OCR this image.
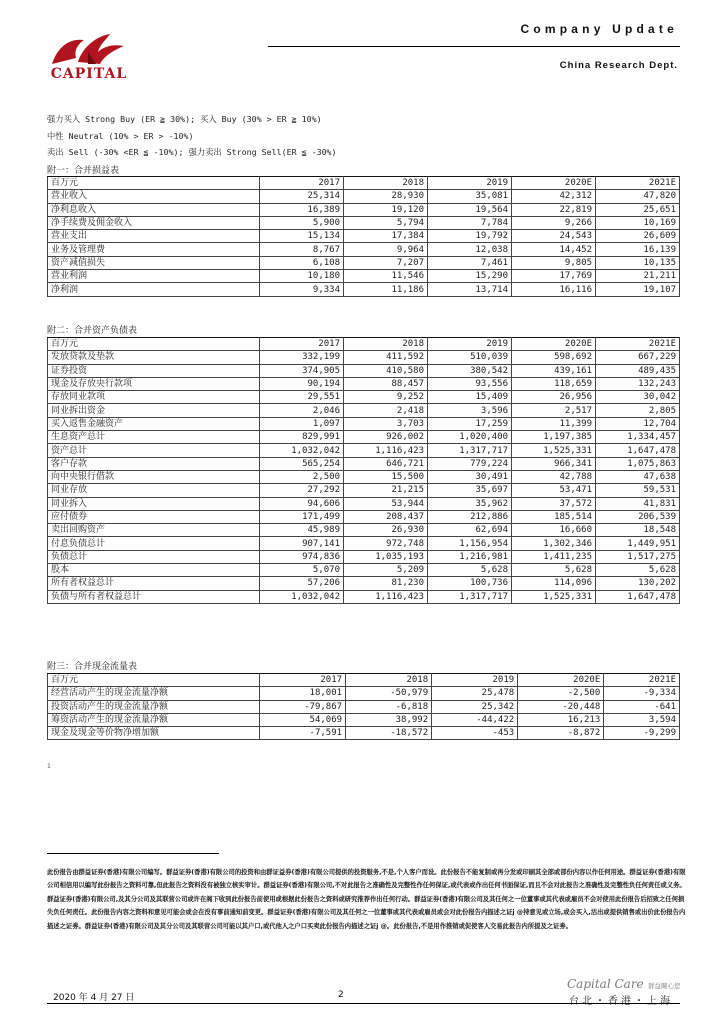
CAPITAL
Company Update
China Research Dept.
强力买入 Strong Buy (ER ≧ 30%); 买入 Buy (30% > ER ≧ 10%)
中性 Neutral (10% > ER > -10%)
卖出 Sell (-30% <ER ≦ -10%); 强力卖出 Strong Sell(ER ≦ -30%)
附一：合并损益表
百万元	2017	2018	2019	2020E	2021E
营业收入	25,314	28,930	35,081	42,312	47,820
净利息收入	16,389	19,120	19,564	22,819	25,651
净手续费及佣金收入	5,900	5,794	7,784	9,266	10,169
营业支出	15,134	17,384	19,792	24,543	26,609
业务及管理费	8,767	9,964	12,038	14,452	16,139
资产减值损失	6,108	7,207	7,461	9,805	10,135
营业利润	10,180	11,546	15,290	17,769	21,211
净利润	9,334	11,186	13,714	16,116	19,107
附二：合并资产负债表
百万元	2017	2018	2019	2020E	2021E
发放贷款及垫款	332,199	411,592	510,039	598,692	667,229
证券投资	374,905	410,580	380,542	439,161	489,435
现金及存放央行款项	90,194	88,457	93,556	118,659	132,243
存放同业款项	29,551	9,252	15,409	26,956	30,042
同业拆出资金	2,046	2,418	3,596	2,517	2,805
买入返售金融资产	1,097	3,703	17,259	11,399	12,704
生息资产总计	829,991	926,002	1,020,400	1,197,385	1,334,457
资产总计	1,032,042	1,116,423	1,317,717	1,525,331	1,647,478
客户存款	565,254	646,721	779,224	966,341	1,075,863
向中央银行借款	2,500	15,500	30,491	42,788	47,638
同业存放	27,292	21,215	35,697	53,471	59,531
同业拆入	94,606	53,944	35,962	37,572	41,831
应付债券	171,499	208,437	212,886	185,514	206,539
卖出回购资产	45,989	26,930	62,694	16,660	18,548
付息负债总计	907,141	972,748	1,156,954	1,302,346	1,449,951
负债总计	974,836	1,035,193	1,216,981	1,411,235	1,517,275
股本	5,070	5,209	5,628	5,628	5,628
所有者权益总计	57,206	81,230	100,736	114,096	130,202
负债与所有者权益总计	1,032,042	1,116,423	1,317,717	1,525,331	1,647,478
附三：合并现金流量表
百万元	2017	2018	2019	2020E	2021E
经营活动产生的现金流量净额	18,001	-50,979	25,478	-2,500	-9,334
投资活动产生的现金流量净额	-79,867	-6,818	25,342	-20,448	-641
筹资活动产生的现金流量净额	54,069	38,992	-44,422	16,213	3,594
现金及现金等价物净增加额	-7,591	-18,572	-453	-8,872	-9,299
1
此份报告由群益证券(香港)有限公司编写。群益证券(香港)有限公司的投资和由群证益券(香港)有限公司提供的投资服务,不是,个人客户而设。此份报告不能复制或再分发或印刷其全部或部份内容以作任何用途。群益证券(香港)有限公司相信用以编写此份报告之资料可靠,但此报告之资料没有被独立核实审计。群益证券(香港)有限公司,不对此报告之准确性及完整性作任何保证,或代表或作出任何书面保证,而且不会对此报告之准确性及完整性负任何责任或义务。群益证券(香港)有限公司,及其分公司及其联营公司或许在阁下收到此份报告前使用或根据此份报告之资料或研究推荐作出任何行动。群益证券(香港)有限公司及其任何之一位董事或其代表或雇员不会对使用此份报告后招致之任何损失负任何责任。此份报告内容之资料和意见可能会或会在没有事前通知前变更。群益证券(香港)有限公司及其任何之一位董事或其代表或雇员或会对此份报告内描述之证j @持意见或立场,或会买入,沽出或提供销售或出价此份报告内描述之证劵。群益证券(香港)有限公司及其分公司及其联营公司可能以其户口,或代他人之户口买卖此份报告内描述之证j @。此份报告,不是用作推销或促使客人交易此报告内所提及之证劵。
Capital Care 群益關心您
2020 年 4 月 27 日	2
台北・香港・上海
